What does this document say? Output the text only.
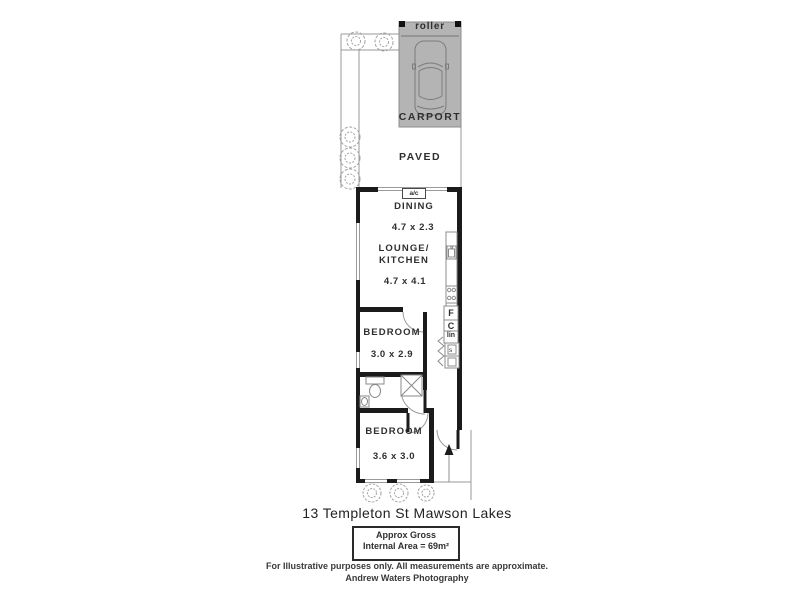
s
roller
CARPORT
PAVED
a/c
DINING
4.7 x 2.3
LOUNGE/
KITCHEN
4.7 x 4.1
F
C
lin
BEDROOM
3.0 x 2.9
BEDROOM
3.6 x 3.0
13 Templeton St Mawson Lakes
Approx Gross
Internal Area = 69m²
For Illustrative purposes only. All measurements are approximate.
Andrew Waters Photography
